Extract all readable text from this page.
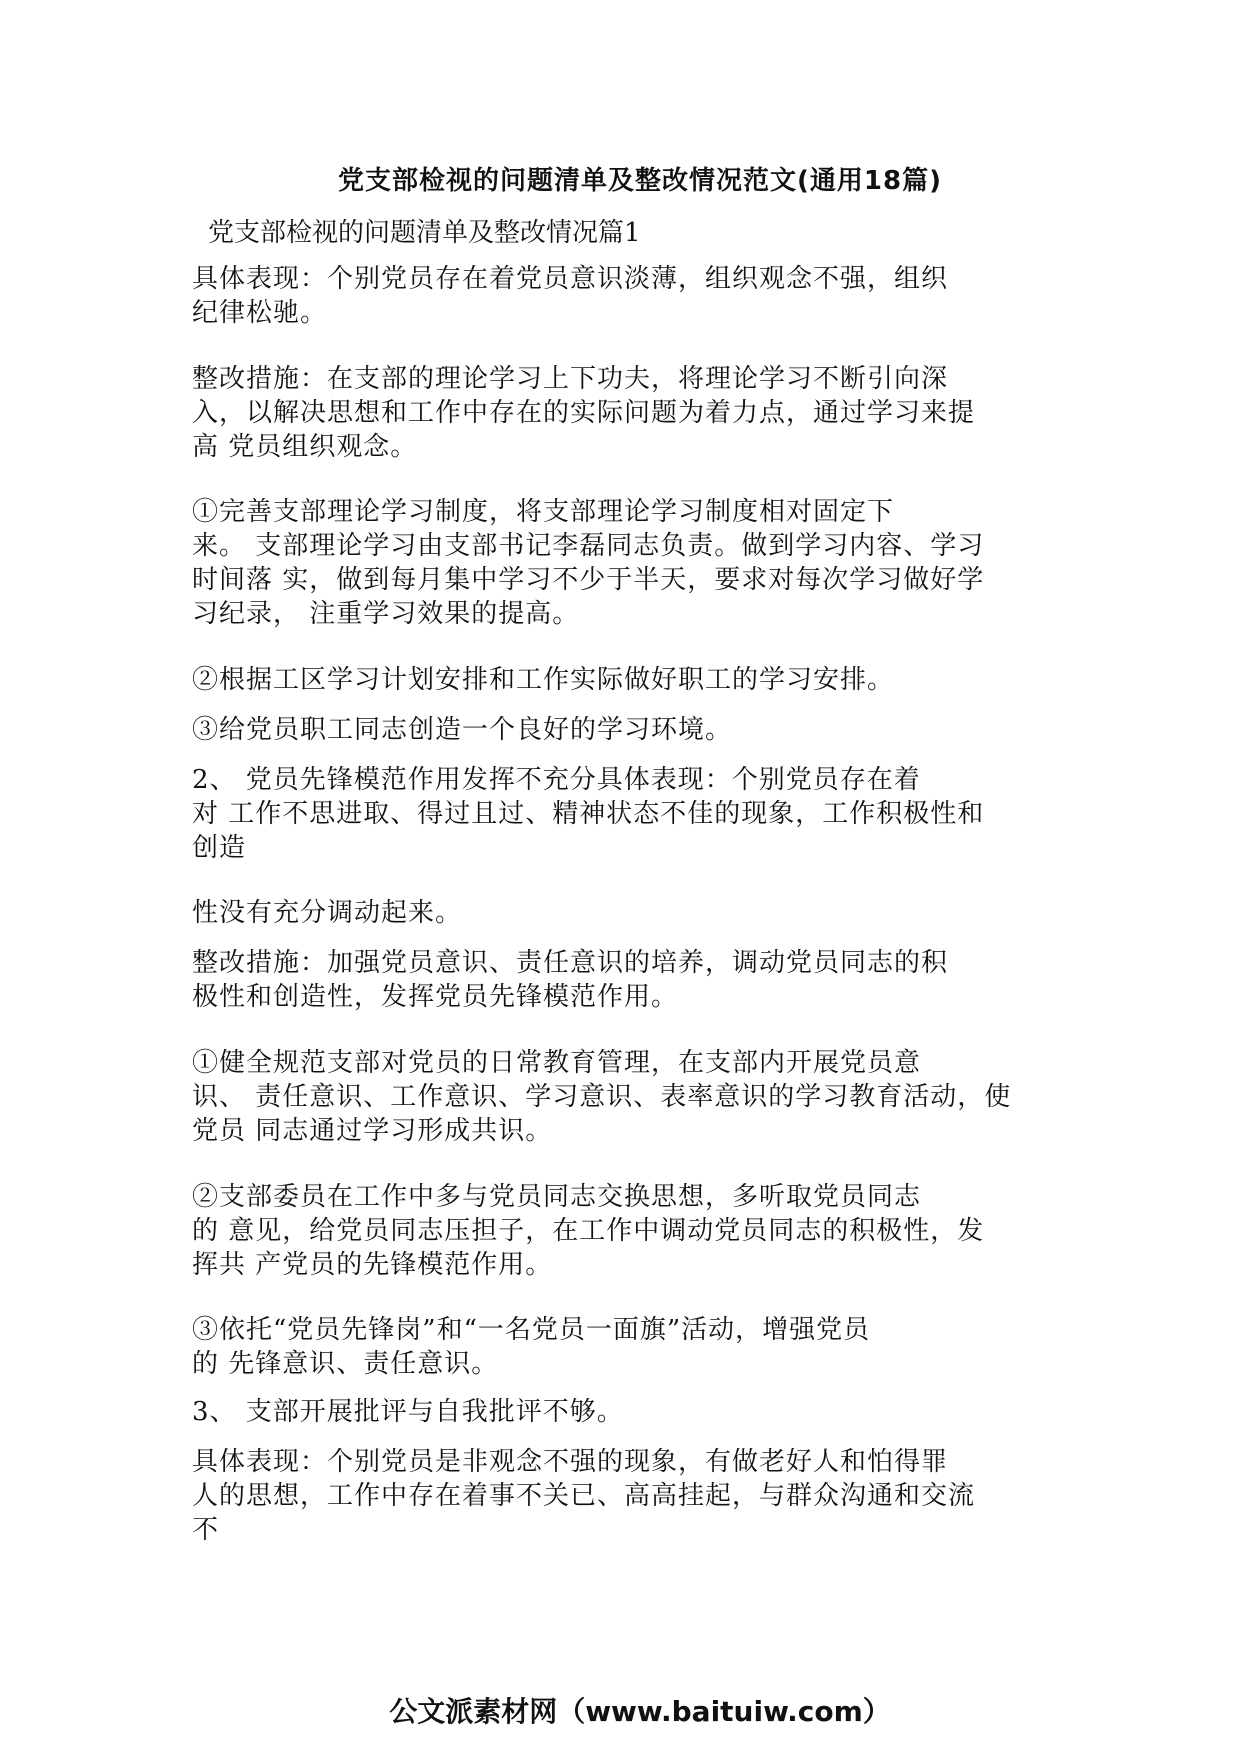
党支部检视的问题清单及整改情况范文(通用18篇)

党支部检视的问题清单及整改情况篇1

具体表现：个别党员存在着党员意识淡薄，组织观念不强，组织
纪律松驰。

整改措施：在支部的理论学习上下功夫，将理论学习不断引向深
入，以解决思想和工作中存在的实际问题为着力点，通过学习来提
高 党员组织观念。

①完善支部理论学习制度，将支部理论学习制度相对固定下
来。 支部理论学习由支部书记李磊同志负责。做到学习内容、学习
时间落 实，做到每月集中学习不少于半天，要求对每次学习做好学
习纪录， 注重学习效果的提高。

②根据工区学习计划安排和工作实际做好职工的学习安排。

③给党员职工同志创造一个良好的学习环境。

2、 党员先锋模范作用发挥不充分具体表现：个别党员存在着
对 工作不思进取、得过且过、精神状态不佳的现象，工作积极性和
创造

性没有充分调动起来。

整改措施：加强党员意识、责任意识的培养，调动党员同志的积
极性和创造性，发挥党员先锋模范作用。

①健全规范支部对党员的日常教育管理，在支部内开展党员意
识、 责任意识、工作意识、学习意识、表率意识的学习教育活动，使
党员 同志通过学习形成共识。

②支部委员在工作中多与党员同志交换思想，多听取党员同志
的 意见，给党员同志压担子，在工作中调动党员同志的积极性，发
挥共 产党员的先锋模范作用。

③依托“党员先锋岗”和“一名党员一面旗”活动，增强党员
的 先锋意识、责任意识。

3、 支部开展批评与自我批评不够。

具体表现：个别党员是非观念不强的现象，有做老好人和怕得罪
人的思想，工作中存在着事不关已、高高挂起，与群众沟通和交流
不

公文派素材网（www.baituiw.com）
